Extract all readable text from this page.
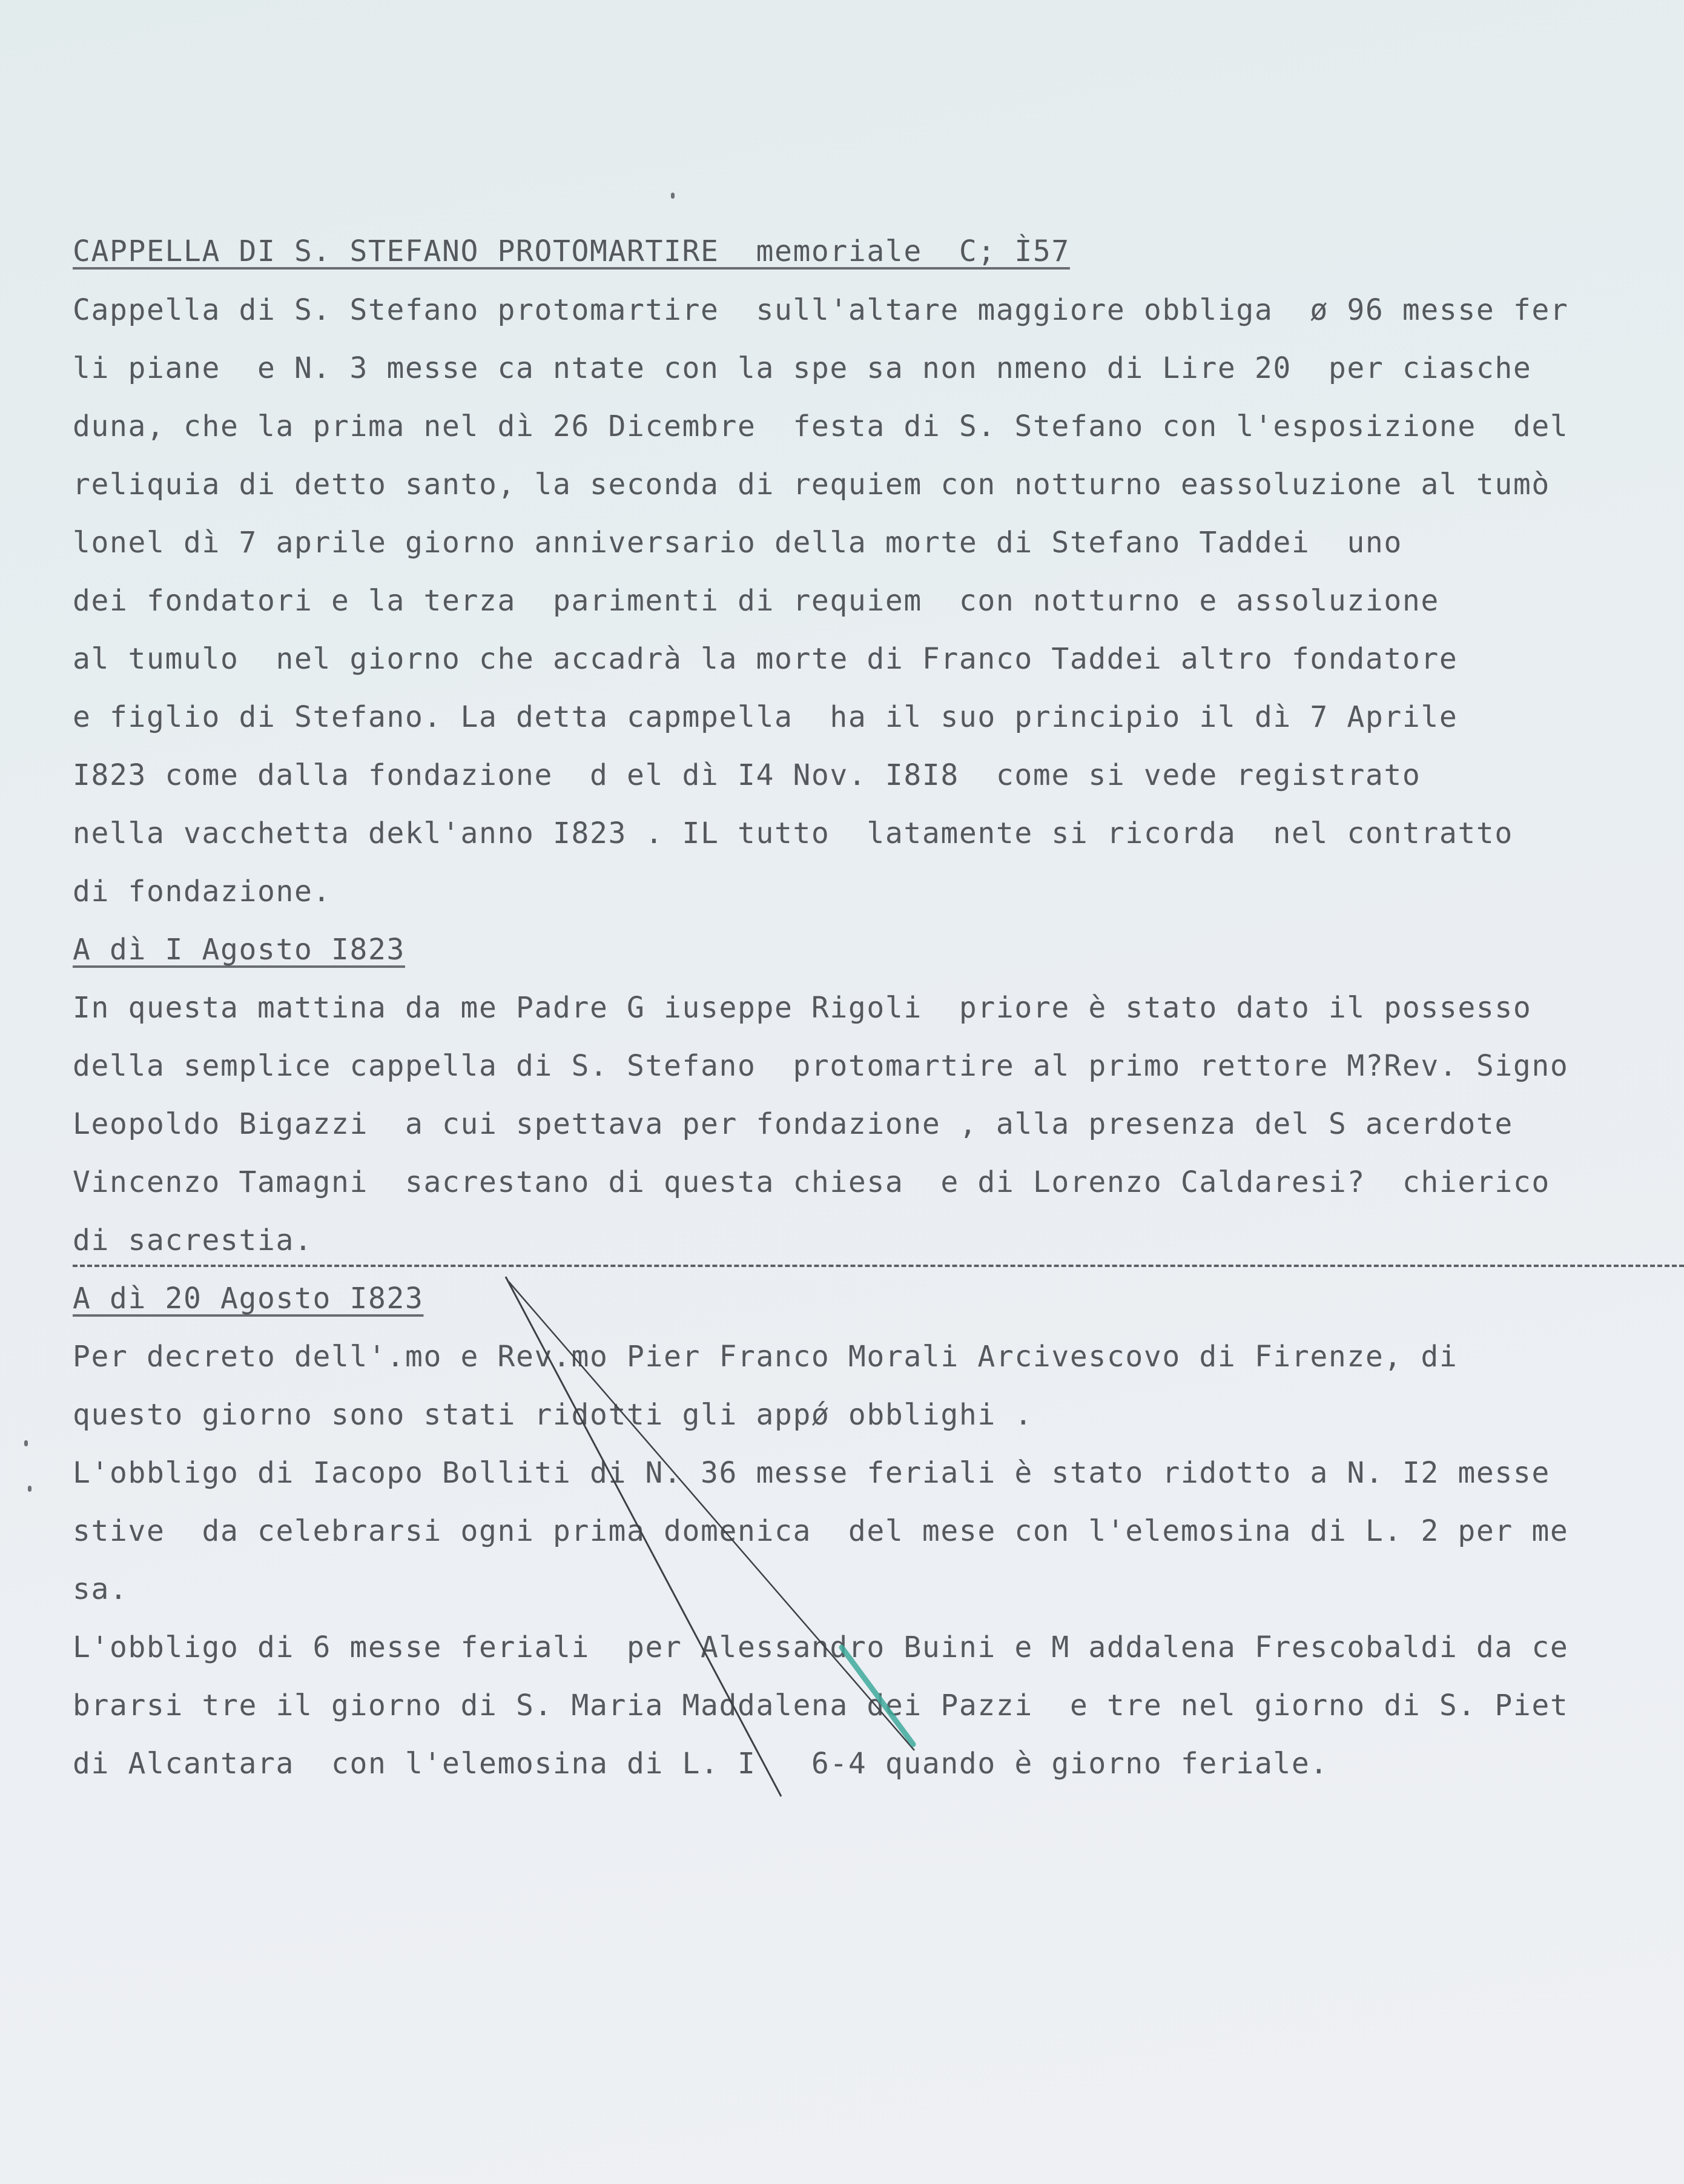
CAPPELLA DI S. STEFANO PROTOMARTIRE  memoriale  C; Ì57
Cappella di S. Stefano protomartire  sull'altare maggiore obbliga  ø 96 messe fer
li piane  e N. 3 messe ca ntate con la spe sa non nmeno di Lire 20  per ciasche
duna, che la prima nel dì 26 Dicembre  festa di S. Stefano con l'esposizione  del
reliquia di detto santo, la seconda di requiem con notturno eassoluzione al tumò
lonel dì 7 aprile giorno anniversario della morte di Stefano Taddei  uno
dei fondatori e la terza  parimenti di requiem  con notturno e assoluzione
al tumulo  nel giorno che accadrà la morte di Franco Taddei altro fondatore
e figlio di Stefano. La detta capmpella  ha il suo principio il dì 7 Aprile
I823 come dalla fondazione  d el dì I4 Nov. I8I8  come si vede registrato
nella vacchetta dekl'anno I823 . IL tutto  latamente si ricorda  nel contratto
di fondazione.
A dì I Agosto I823
In questa mattina da me Padre G iuseppe Rigoli  priore è stato dato il possesso
della semplice cappella di S. Stefano  protomartire al primo rettore M?Rev. Signo
Leopoldo Bigazzi  a cui spettava per fondazione , alla presenza del S acerdote
Vincenzo Tamagni  sacrestano di questa chiesa  e di Lorenzo Caldaresi?  chierico
di sacrestia.
A dì 20 Agosto I823
Per decreto dell'.mo e Rev.mo Pier Franco Morali Arcivescovo di Firenze, di
questo giorno sono stati ridotti gli appǿ obblighi .
L'obbligo di Iacopo Bolliti di N. 36 messe feriali è stato ridotto a N. I2 messe
stive  da celebrarsi ogni prima domenica  del mese con l'elemosina di L. 2 per me
sa.
L'obbligo di 6 messe feriali  per Alessandro Buini e M addalena Frescobaldi da ce
brarsi tre il giorno di S. Maria Maddalena dei Pazzi  e tre nel giorno di S. Piet
di Alcantara  con l'elemosina di L. I   6-4 quando è giorno feriale.
